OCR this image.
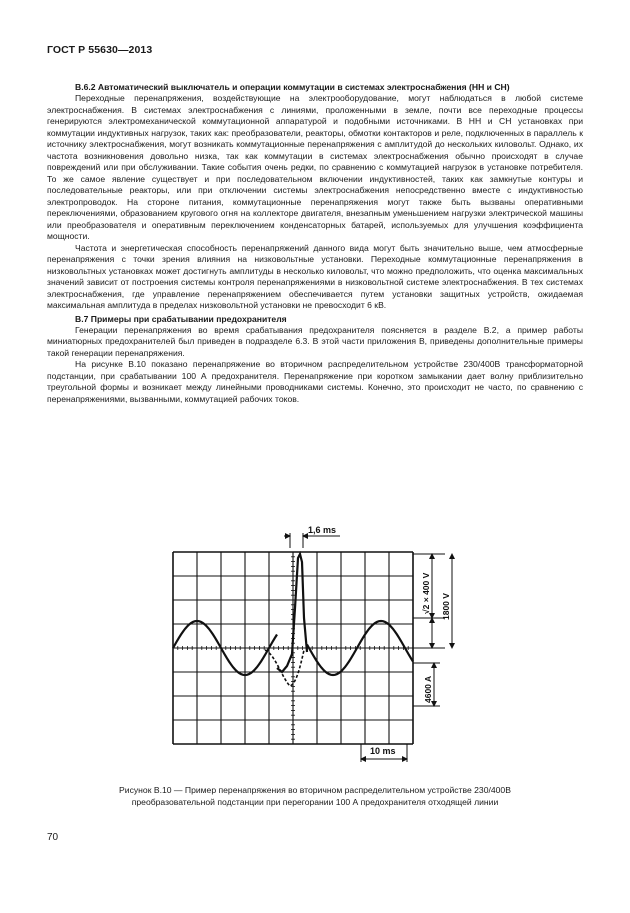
ГОСТ Р 55630—2013
В.6.2 Автоматический выключатель и операции коммутации в системах электроснабжения (НН и СН)

Переходные перенапряжения, воздействующие на электрооборудование, могут наблюдаться в любой системе электроснабжения. В системах электроснабжения с линиями, проложенными в земле, почти все переходные процессы генерируются электромеханической коммутационной аппаратурой и подобными источниками. В НН и СН установках при коммутации индуктивных нагрузок, таких как: преобразователи, реакторы, обмотки контакторов и реле, подключенных в параллель к источнику электроснабжения, могут возникать коммутационные перенапряжения с амплитудой до нескольких киловольт. Однако, их частота возникновения довольно низка, так как коммутации в системах электроснабжения обычно происходят в случае повреждений или при обслуживании. Такие события очень редки, по сравнению с коммутацией нагрузок в установке потребителя. То же самое явление существует и при последовательном включении индуктивностей, таких как замкнутые контуры и последовательные реакторы, или при отключении системы электроснабжения непосредственно вместе с индуктивностью электропроводок. На стороне питания, коммутационные перенапряжения могут также быть вызваны оперативными переключениями, образованием кругового огня на коллекторе двигателя, внезапным уменьшением нагрузки электрической машины или преобразователя и оперативным переключением конденсаторных батарей, используемых для улучшения коэффициента мощности.

Частота и энергетическая способность перенапряжений данного вида могут быть значительно выше, чем атмосферные перенапряжения с точки зрения влияния на низковольтные установки. Переходные коммутационные перенапряжения в низковольтных установках может достигнуть амплитуды в несколько киловольт, что можно предположить, что оценка максимальных значений зависит от построения системы контроля перенапряжениями в низковольтной системе электроснабжения. В тех системах электроснабжения, где управление перенапряжением обеспечивается путем установки защитных устройств, ожидаемая максимальная амплитуда в пределах низковольтной установки не превосходит 6 кВ.

В.7 Примеры при срабатывании предохранителя

Генерации перенапряжения во время срабатывания предохранителя поясняется в разделе В.2, а пример работы миниатюрных предохранителей был приведен в подразделе 6.3. В этой части приложения В, приведены дополнительные примеры такой генерации перенапряжения.

На рисунке В.10 показано перенапряжение во вторичном распределительном устройстве 230/400В трансформаторной подстанции, при срабатывании 100 А предохранителя. Перенапряжение при коротком замыкании дает волну приблизительно треугольной формы и возникает между линейными проводниками системы. Конечно, это происходит не часто, по сравнению с перенапряжениями, вызванными, коммутацией рабочих токов.

1,6 ms
√2 × 400 V 1800 V
4600 A
10 ms
Рисунок В.10 — Пример перенапряжения во вторичном распределительном устройстве 230/400В преобразовательной подстанции при перегорании 100 А предохранителя отходящей линии
70
